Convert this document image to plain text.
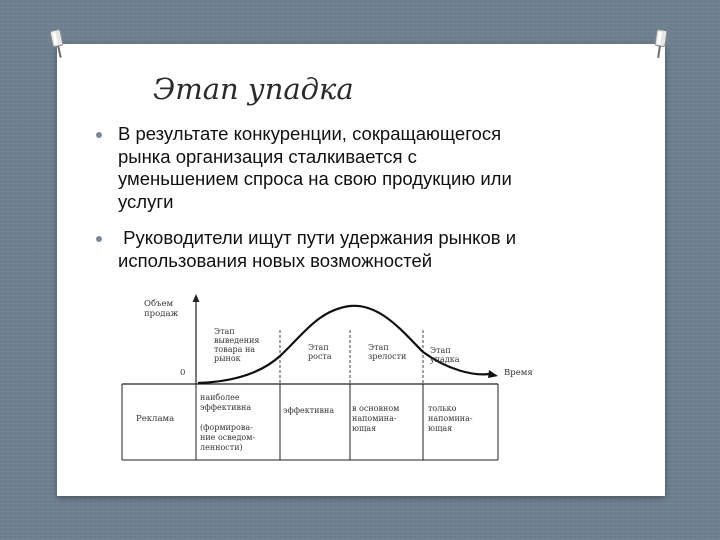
Этап упадка
В результате конкуренции, сокращающегося рынка организация сталкивается с уменьшением спроса на свою продукцию или услуги
Руководители ищут пути удержания рынков и использования новых возможностей
Объем
продаж
0	Время
Этап
выведения
товара на
рынок
Этап
роста
Этап
зрелости
Этап
упадка
Реклама
наиболее
эффективна
(формирова-
ние осведом-
ленности)
эффективна в основном
напомина-
ющая
только
напомина-
ющая
